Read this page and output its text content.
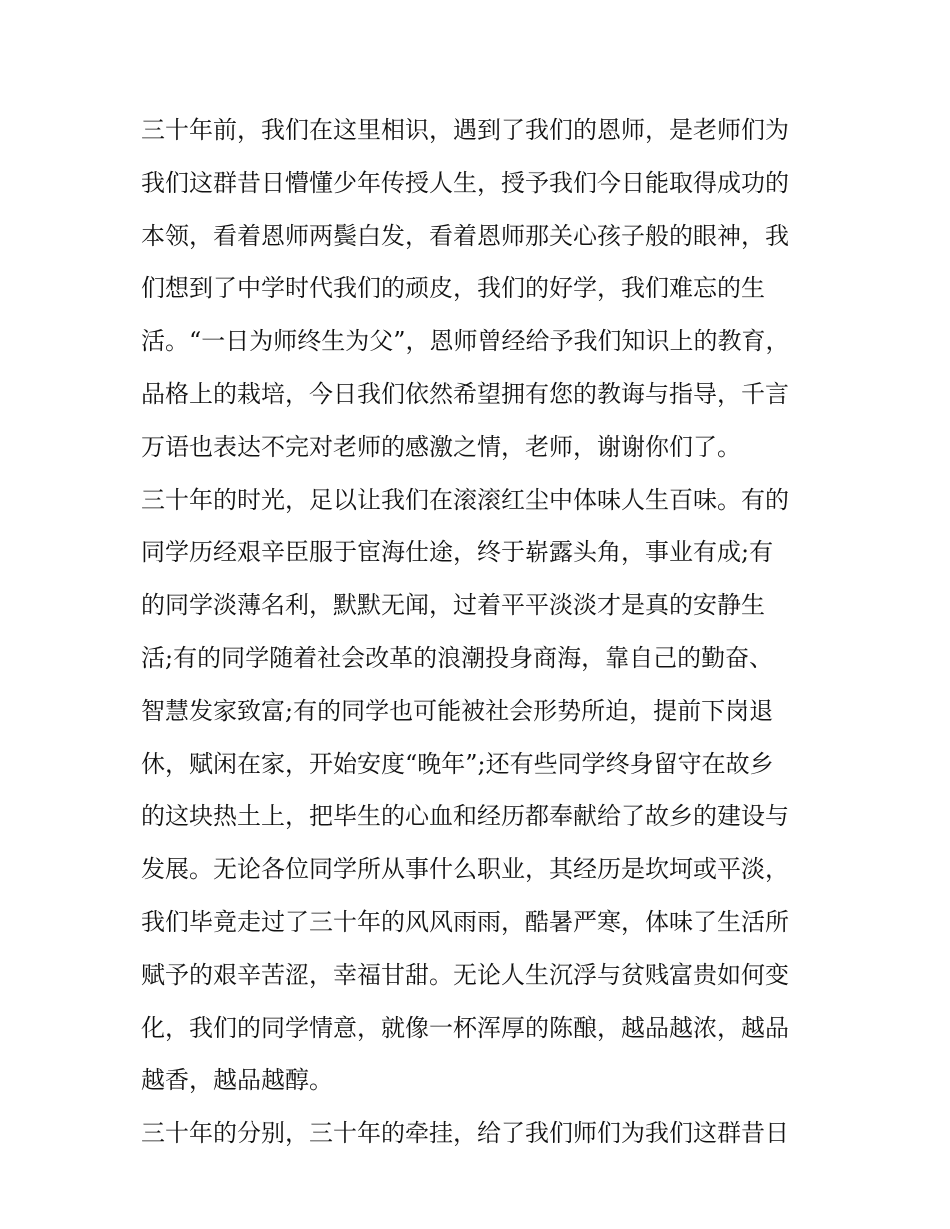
三十年前，我们在这里相识，遇到了我们的恩师，是老师们为
我们这群昔日懵懂少年传授人生，授予我们今日能取得成功的
本领，看着恩师两鬓白发，看着恩师那关心孩子般的眼神，我
们想到了中学时代我们的顽皮，我们的好学，我们难忘的生
活。“一日为师终生为父”，恩师曾经给予我们知识上的教育，
品格上的栽培，今日我们依然希望拥有您的教诲与指导，千言
万语也表达不完对老师的感激之情，老师，谢谢你们了。
三十年的时光，足以让我们在滚滚红尘中体味人生百味。有的
同学历经艰辛臣服于宦海仕途，终于崭露头角，事业有成;有
的同学淡薄名利，默默无闻，过着平平淡淡才是真的安静生
活;有的同学随着社会改革的浪潮投身商海，靠自己的勤奋、
智慧发家致富;有的同学也可能被社会形势所迫，提前下岗退
休，赋闲在家，开始安度“晚年”;还有些同学终身留守在故乡
的这块热土上，把毕生的心血和经历都奉献给了故乡的建设与
发展。无论各位同学所从事什么职业，其经历是坎坷或平淡，
我们毕竟走过了三十年的风风雨雨，酷暑严寒，体味了生活所
赋予的艰辛苦涩，幸福甘甜。无论人生沉浮与贫贱富贵如何变
化，我们的同学情意，就像一杯浑厚的陈酿，越品越浓，越品
越香，越品越醇。
三十年的分别，三十年的牵挂，给了我们师们为我们这群昔日
